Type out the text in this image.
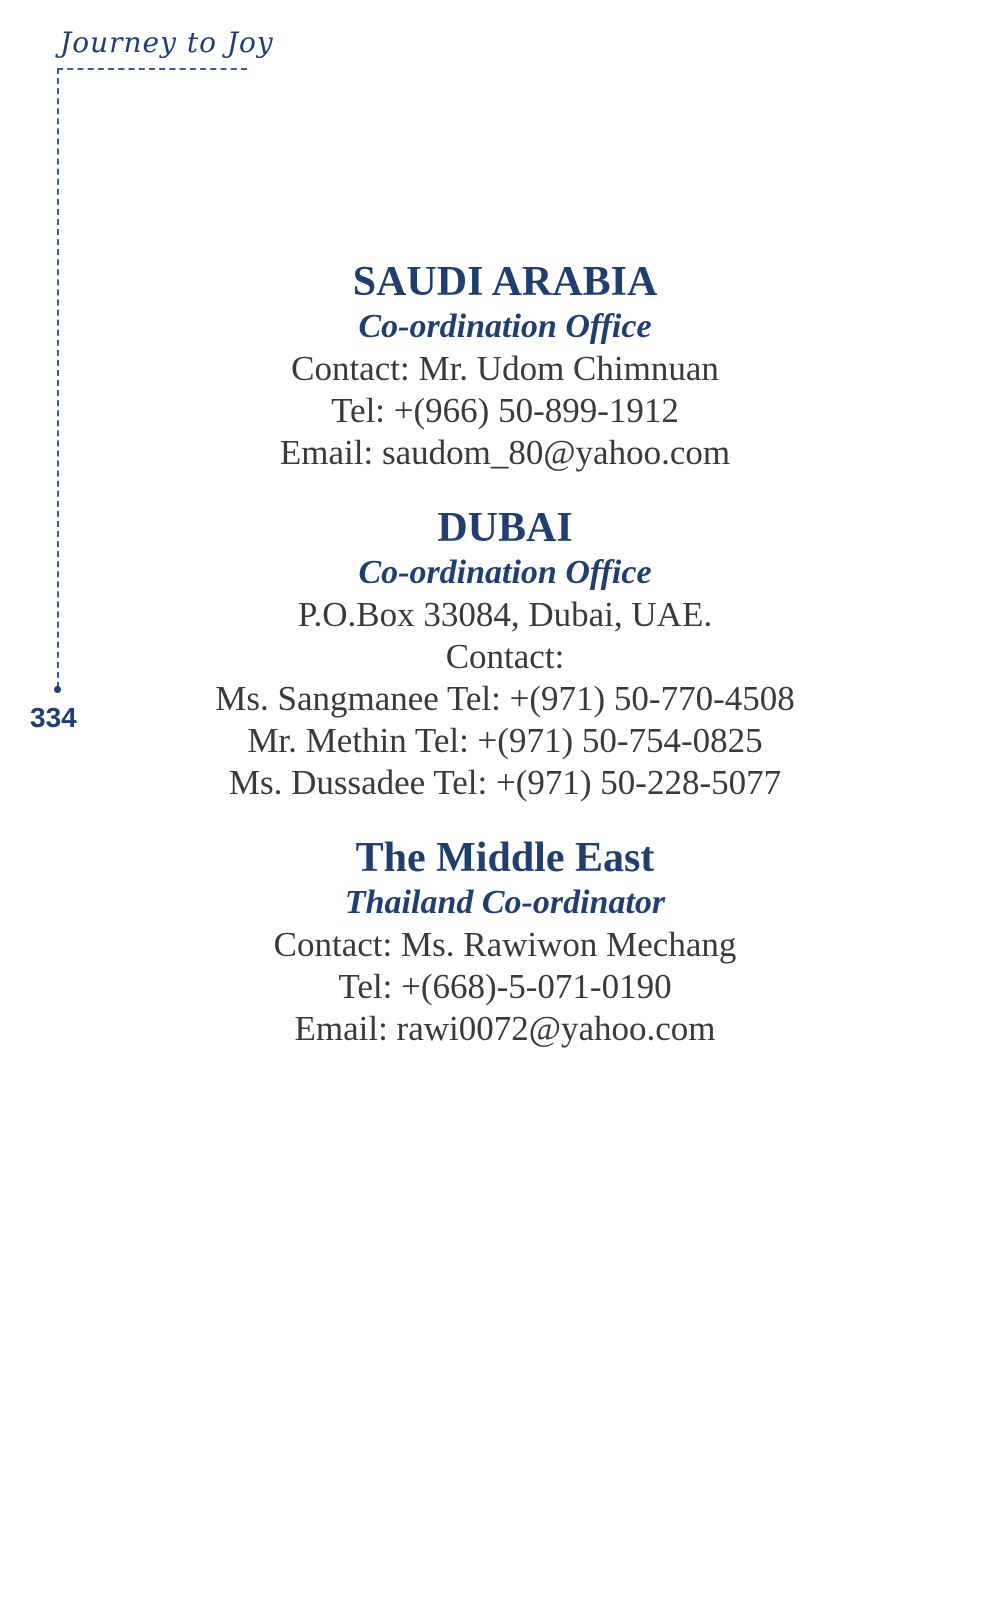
Journey to Joy
334
SAUDI ARABIA
Co-ordination Office
Contact: Mr. Udom Chimnuan
Tel: +(966) 50-899-1912
Email: saudom_80@yahoo.com
DUBAI
Co-ordination Office
P.O.Box 33084, Dubai, UAE.
Contact:
Ms. Sangmanee Tel: +(971) 50-770-4508
Mr. Methin Tel: +(971) 50-754-0825
Ms. Dussadee Tel: +(971) 50-228-5077
The Middle East
Thailand Co-ordinator
Contact: Ms. Rawiwon Mechang
Tel: +(668)-5-071-0190
Email: rawi0072@yahoo.com
